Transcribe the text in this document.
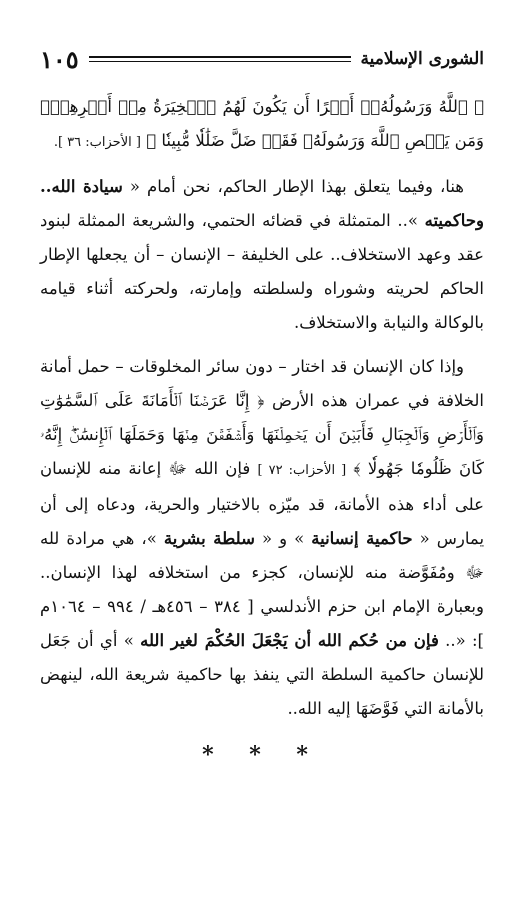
الشورى الإسلامية
١٠٥

﴿ ٱللَّهُ وَرَسُولُهُۥٓ أَمۡرًا أَن يَكُونَ لَهُمُ ٱلۡخِيَرَةُ مِنۡ أَمۡرِهِمۡۗ وَمَن يَعۡصِ ٱللَّهَ وَرَسُولَهُۥ فَقَدۡ ضَلَّ ضَلَٰلٗا مُّبِينٗا ﴾ [ الأحزاب: ٣٦ ].

هنا، وفيما يتعلق بهذا الإطار الحاكم، نحن أمام « سيادة الله.. وحاكميته ».. المتمثلة في قضائه الحتمي، والشريعة الممثلة لبنود عقد وعهد الاستخلاف.. على الخليفة – الإنسان – أن يجعلها الإطار الحاكم لحريته وشوراه ولسلطته وإمارته، ولحركته أثناء قيامه بالوكالة والنيابة والاستخلاف.

وإذا كان الإنسان قد اختار – دون سائر المخلوقات – حمل أمانة الخلافة في عمران هذه الأرض ﴿ إِنَّا عَرَضۡنَا ٱلۡأَمَانَةَ عَلَى ٱلسَّمَٰوَٰتِ وَٱلۡأَرۡضِ وَٱلۡجِبَالِ فَأَبَيۡنَ أَن يَحۡمِلۡنَهَا وَأَشۡفَقۡنَ مِنۡهَا وَحَمَلَهَا ٱلۡإِنسَٰنُۖ إِنَّهُۥ كَانَ ظَلُومٗا جَهُولٗا ﴾ [ الأحزاب: ٧٢ ] فإن الله ﷻ إعانة منه للإنسان على أداء هذه الأمانة، قد ميّزه بالاختيار والحرية، ودعاه إلى أن يمارس « حاكمية إنسانية » و « سلطة بشرية »، هي مرادة لله ﷻ ومُفَوَّضة منه للإنسان، كجزء من استخلافه لهذا الإنسان.. وبعبارة الإمام ابن حزم الأندلسي [ ٣٨٤ – ٤٥٦هـ / ٩٩٤ – ١٠٦٤م ]: «.. فإن من حُكم الله أن يَجْعَلَ الحُكْمَ لغير الله » أي أن جَعَل للإنسان حاكمية السلطة التي ينفذ بها حاكمية شريعة الله، لينهض بالأمانة التي فَوَّضَهَا إليه الله..

* * *
